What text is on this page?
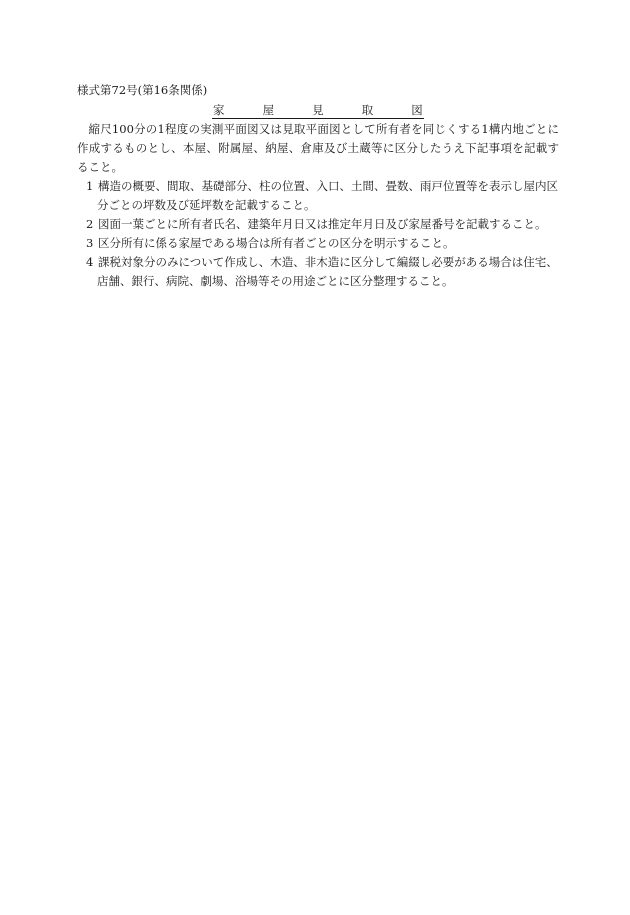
様式第72号(第16条関係)
家	屋	見	取	図

縮尺100分の1程度の実測平面図又は見取平面図として所有者を同じくする1構内地ごとに作成するものとし、本屋、附属屋、納屋、倉庫及び土蔵等に区分したうえ下記事項を記載すること。

1 構造の概要、間取、基礎部分、柱の位置、入口、土間、畳数、雨戸位置等を表示し屋内区分ごとの坪数及び延坪数を記載すること。
2 図面一葉ごとに所有者氏名、建築年月日又は推定年月日及び家屋番号を記載すること。
3 区分所有に係る家屋である場合は所有者ごとの区分を明示すること。
4 課税対象分のみについて作成し、木造、非木造に区分して編綴し必要がある場合は住宅、店舗、銀行、病院、劇場、浴場等その用途ごとに区分整理すること。
